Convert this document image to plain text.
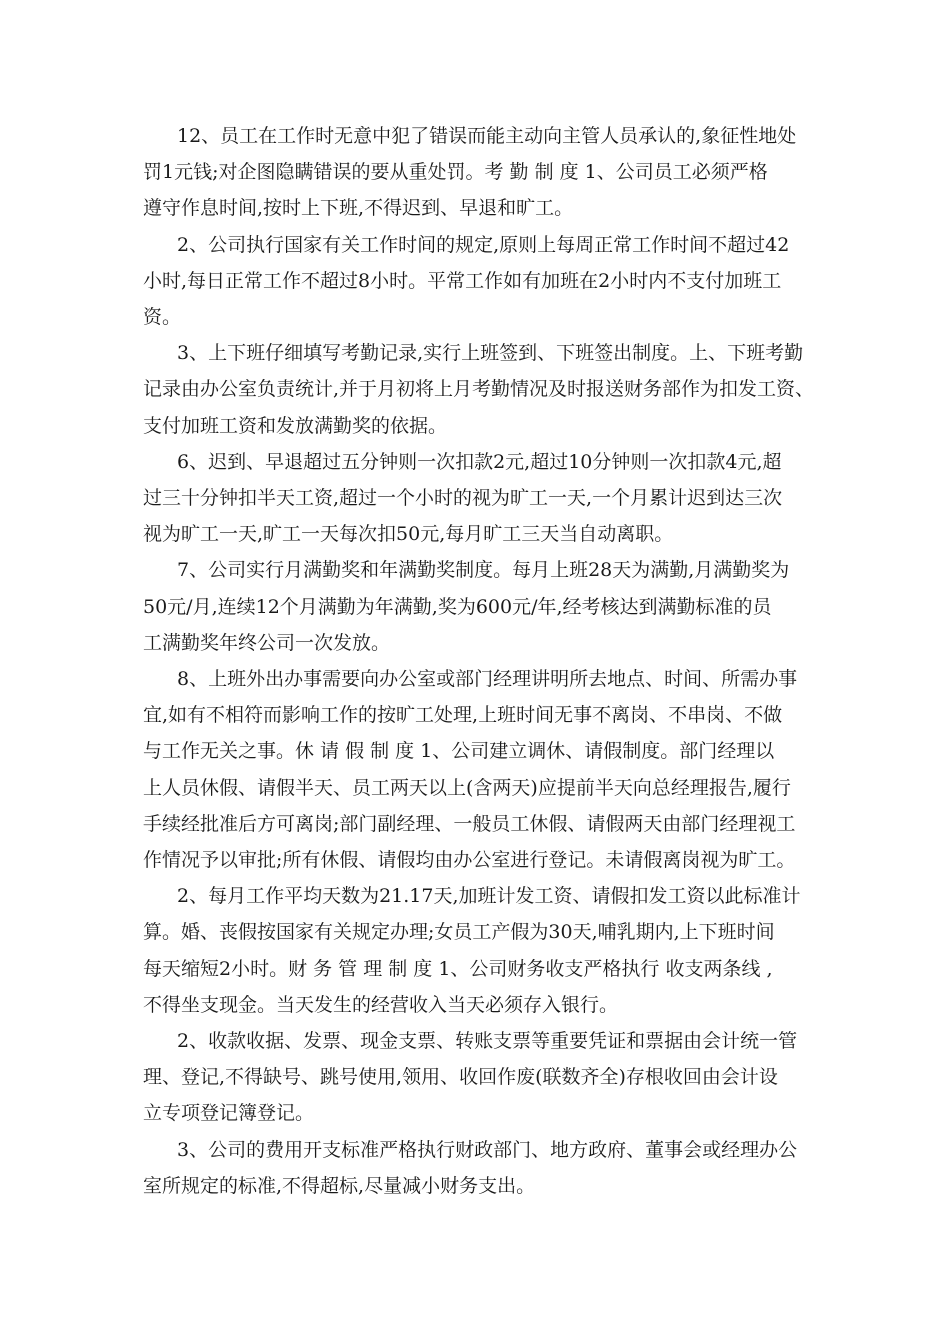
12、员工在工作时无意中犯了错误而能主动向主管人员承认的,象征性地处
罚1元钱;对企图隐瞒错误的要从重处罚。考 勤 制 度 1、公司员工必须严格
遵守作息时间,按时上下班,不得迟到、早退和旷工。

2、公司执行国家有关工作时间的规定,原则上每周正常工作时间不超过42
小时,每日正常工作不超过8小时。平常工作如有加班在2小时内不支付加班工
资。

3、上下班仔细填写考勤记录,实行上班签到、下班签出制度。上、下班考勤
记录由办公室负责统计,并于月初将上月考勤情况及时报送财务部作为扣发工资、
支付加班工资和发放满勤奖的依据。

6、迟到、早退超过五分钟则一次扣款2元,超过10分钟则一次扣款4元,超
过三十分钟扣半天工资,超过一个小时的视为旷工一天,一个月累计迟到达三次
视为旷工一天,旷工一天每次扣50元,每月旷工三天当自动离职。

7、公司实行月满勤奖和年满勤奖制度。每月上班28天为满勤,月满勤奖为
50元/月,连续12个月满勤为年满勤,奖为600元/年,经考核达到满勤标准的员
工满勤奖年终公司一次发放。

8、上班外出办事需要向办公室或部门经理讲明所去地点、时间、所需办事
宜,如有不相符而影响工作的按旷工处理,上班时间无事不离岗、不串岗、不做
与工作无关之事。休 请 假 制 度 1、公司建立调休、请假制度。部门经理以
上人员休假、请假半天、员工两天以上(含两天)应提前半天向总经理报告,履行
手续经批准后方可离岗;部门副经理、一般员工休假、请假两天由部门经理视工
作情况予以审批;所有休假、请假均由办公室进行登记。未请假离岗视为旷工。

2、每月工作平均天数为21.17天,加班计发工资、请假扣发工资以此标准计
算。婚、丧假按国家有关规定办理;女员工产假为30天,哺乳期内,上下班时间
每天缩短2小时。财 务 管 理 制 度 1、公司财务收支严格执行 收支两条线 ,
不得坐支现金。当天发生的经营收入当天必须存入银行。

2、收款收据、发票、现金支票、转账支票等重要凭证和票据由会计统一管
理、登记,不得缺号、跳号使用,领用、收回作废(联数齐全)存根收回由会计设
立专项登记簿登记。

3、公司的费用开支标准严格执行财政部门、地方政府、董事会或经理办公
室所规定的标准,不得超标,尽量减小财务支出。
